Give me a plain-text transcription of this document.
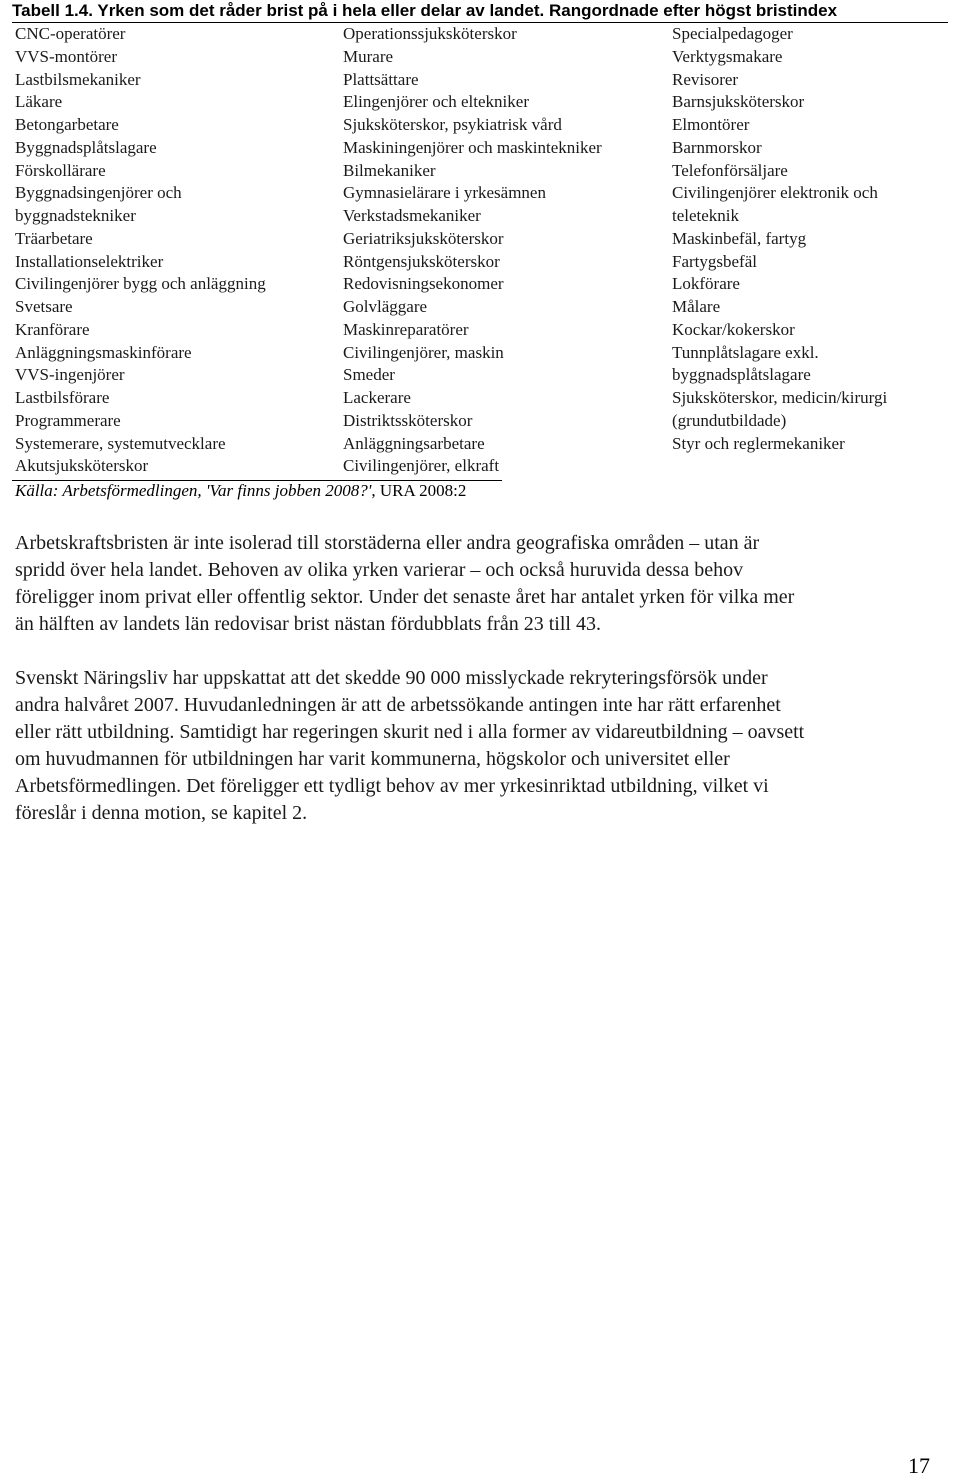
Tabell 1.4. Yrken som det råder brist på i hela eller delar av landet. Rangordnade efter högst bristindex
CNC-operatörer
VVS-montörer
Lastbilsmekaniker
Läkare
Betongarbetare
Byggnadsplåtslagare
Förskollärare
Byggnadsingenjörer och
byggnadstekniker
Träarbetare
Installationselektriker
Civilingenjörer bygg och anläggning
Svetsare
Kranförare
Anläggningsmaskinförare
VVS-ingenjörer
Lastbilsförare
Programmerare
Systemerare, systemutvecklare
Akutsjuksköterskor
Operationssjuksköterskor
Murare
Plattsättare
Elingenjörer och eltekniker
Sjuksköterskor, psykiatrisk vård
Maskiningenjörer och maskintekniker
Bilmekaniker
Gymnasielärare i yrkesämnen
Verkstadsmekaniker
Geriatriksjuksköterskor
Röntgensjuksköterskor
Redovisningsekonomer
Golvläggare
Maskinreparatörer
Civilingenjörer, maskin
Smeder
Lackerare
Distriktssköterskor
Anläggningsarbetare
Civilingenjörer, elkraft
Specialpedagoger
Verktygsmakare
Revisorer
Barnsjuksköterskor
Elmontörer
Barnmorskor
Telefonförsäljare
Civilingenjörer elektronik och
teleteknik
Maskinbefäl, fartyg
Fartygsbefäl
Lokförare
Målare
Kockar/kokerskor
Tunnplåtslagare exkl.
byggnadsplåtslagare
Sjuksköterskor, medicin/kirurgi
(grundutbildade)
Styr och reglermekaniker
Källa: Arbetsförmedlingen, 'Var finns jobben 2008?', URA 2008:2
Arbetskraftsbristen är inte isolerad till storstäderna eller andra geografiska områden – utan är
spridd över hela landet. Behoven av olika yrken varierar – och också huruvida dessa behov
föreligger inom privat eller offentlig sektor. Under det senaste året har antalet yrken för vilka mer
än hälften av landets län redovisar brist nästan fördubblats från 23 till 43.
Svenskt Näringsliv har uppskattat att det skedde 90 000 misslyckade rekryteringsförsök under
andra halvåret 2007. Huvudanledningen är att de arbetssökande antingen inte har rätt erfarenhet
eller rätt utbildning. Samtidigt har regeringen skurit ned i alla former av vidareutbildning – oavsett
om huvudmannen för utbildningen har varit kommunerna, högskolor och universitet eller
Arbetsförmedlingen. Det föreligger ett tydligt behov av mer yrkesinriktad utbildning, vilket vi
föreslår i denna motion, se kapitel 2.
17
